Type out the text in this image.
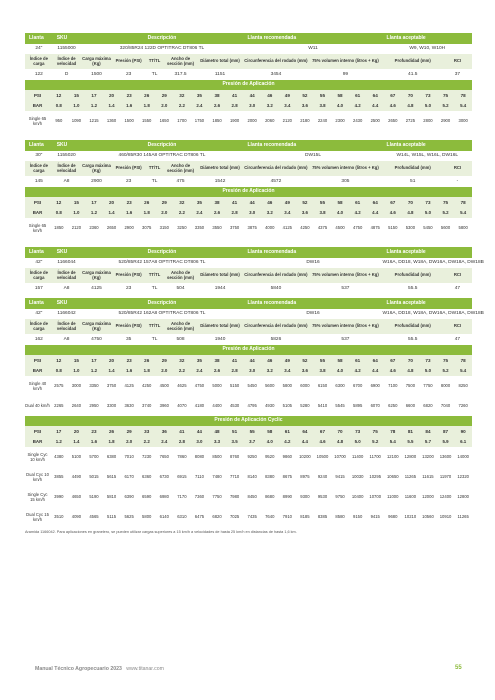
Llanta	SKU	Descripción					Llanta recomendada		Llanta aceptable	
24"	1155000	320/85R24 122D OPTITRAC DT806 TL					W11		W9, W10, W10H	
Índice de carga	Índice de velocidad	Carga máxima (Kg)	Presión (PSI)	TT/TL	Ancho de sección (mm)	Diámetro total (mm)	Circunferencia del rodado (mm)	75% volumen interno (litros + Kg)	Profundidad (mm)	RCI
122	D	1500	23	TL	317.5	1151	3454	99	41.5	37
Presión de Aplicación																								
PSI	12	15	17	20	23	26	29	32	35	38	41	44	46	49	52	55	58	61	64	67	70	73	75	78
BAR	0.8	1.0	1.2	1.4	1.6	1.8	2.0	2.2	2.4	2.6	2.8	3.0	3.2	3.4	3.6	3.8	4.0	4.2	4.4	4.6	4.8	5.0	5.2	5.4
Single 65 km/h	950	1090	1215	1360	1500	1550	1650	1700	1750	1850	1900	2000	2060	2120	2180	2240	2300	2430	2500	2650	2725	2800	2900	3000
Llanta	SKU	Descripción					Llanta recomendada		Llanta aceptable	
30"	1155020	460/85R30 145A8 OPTITRAC DT806 TL					DW15L		W14L, W15L, W16L, DW16L	
Índice de carga	Índice de velocidad	Carga máxima (Kg)	Presión (PSI)	TT/TL	Ancho de sección (mm)	Diámetro total (mm)	Circunferencia del rodado (mm)	75% volumen interno (litros + Kg)	Profundidad (mm)	RCI
145	A8	2900	23	TL	475	1542	4572	305	51	-
Presión de Aplicación																								
PSI	12	15	17	20	23	26	29	32	35	38	41	44	46	49	52	55	58	61	64	67	70	73	75	78
BAR	0.8	1.0	1.2	1.4	1.6	1.8	2.0	2.2	2.4	2.6	2.8	3.0	3.2	3.4	3.6	3.8	4.0	4.2	4.4	4.6	4.8	5.0	5.2	5.4
Single 65 km/h	1850	2120	2360	2650	2900	3075	3150	3250	3350	3550	3750	3875	4000	4125	4250	4375	4500	4750	4875	5150	5300	5450	5600	5800
Llanta	SKU	Descripción					Llanta recomendada		Llanta aceptable	
42"	1166044	520/85R42 157A8 OPTITRAC DT806 TL					DW16		W16A, DD18, W18A, DW16A, DW18A, DW18B	
Índice de carga	Índice de velocidad	Carga máxima (Kg)	Presión (PSI)	TT/TL	Ancho de sección (mm)	Diámetro total (mm)	Circunferencia del rodado (mm)	75% volumen interno (litros + Kg)	Profundidad (mm)	RCI
157	A8	4125	23	TL	504	1944	5840	537	55.5	47
Llanta	SKU	Descripción					Llanta recomendada		Llanta aceptable	
42"	1166042	520/85R42 162A8 OPTITRAC DT806 TL					DW16		W16A, DD18, W18A, DW16A, DW18A, DW18B	
Índice de carga	Índice de velocidad	Carga máxima (Kg)	Presión (PSI)	TT/TL	Ancho de sección (mm)	Diámetro total (mm)	Circunferencia del rodado (mm)	75% volumen interno (litros + Kg)	Profundidad (mm)	RCI
162	A8	4750	35	TL	508	1940	5826	537	55.5	47
Presión de Aplicación																								
PSI	12	15	17	20	23	26	29	32	35	38	41	44	46	49	52	55	58	61	64	67	70	73	75	78
BAR	0.8	1.0	1.2	1.4	1.6	1.8	2.0	2.2	2.4	2.6	2.8	3.0	3.2	3.4	3.6	3.8	4.0	4.2	4.4	4.6	4.8	5.0	5.2	5.4
Single 40 km/h	2575	3000	3350	3750	4125	4250	4500	4625	4750	5000	5150	5450	5600	5800	6000	6150	6300	6700	6900	7100	7500	7750	8000	8250
Dual 40 km/h	2265	2640	2950	3300	3630	3740	3960	4070	4180	4400	4530	4795	4930	5105	5280	5410	5545	5895	6070	6250	6600	6820	7040	7260
Presión de Aplicación Cyclic																								
PSI	17	20	23	26	29	33	36	41	44	48	51	55	58	61	64	67	70	73	75	78	81	84	87	90
BAR	1.2	1.4	1.6	1.8	2.0	2.2	2.4	2.8	3.0	3.3	3.5	3.7	4.0	4.2	4.4	4.6	4.8	5.0	5.2	5.4	5.5	5.7	5.9	6.1
Single Cyc 10 km/h	4380	5100	5700	6380	7010	7230	7650	7860	8080	8500	8760	9250	9520	9860	10200	10500	10700	11400	11700	12100	12800	13200	13600	14000
Dual Cyc 10 km/h	3855	4490	5015	5615	6170	6360	6730	6915	7110	7480	7710	8140	8380	8675	8975	9240	9415	10030	10295	10650	11265	11615	11970	12320
Single Cyc 15 km/h	3990	4650	5190	5810	6390	6590	6980	7170	7360	7750	7980	8450	8680	8990	9300	9530	9750	10400	10700	11000	11600	12000	12400	12800
Dual Cyc 15 km/h	3510	4090	4565	5115	5625	5800	6140	6310	6475	6820	7025	7435	7640	7910	8185	8385	8580	9150	9415	9680	10210	10560	10910	11265
Aramida 1166042. Para aplicaciones en granelero, se pueden utilizar cargas superiores a 15 km/h a velocidades de hasta 25 km/h en distancias de hasta 1,6 km.
Manual Técnico Agropecuario 2023 www.titanar.com	55
